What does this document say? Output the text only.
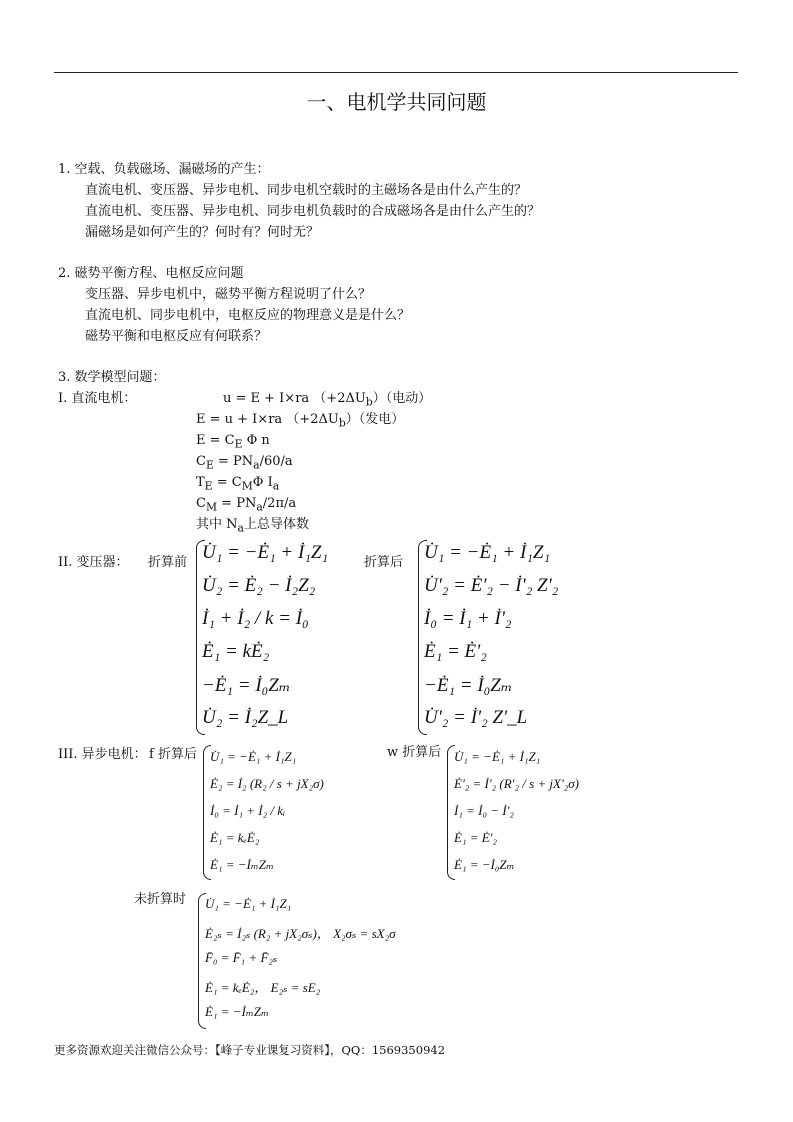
一、电机学共同问题
1. 空载、负载磁场、漏磁场的产生：
直流电机、变压器、异步电机、同步电机空载时的主磁场各是由什么产生的？
直流电机、变压器、异步电机、同步电机负载时的合成磁场各是由什么产生的？
漏磁场是如何产生的？何时有？何时无？
2. 磁势平衡方程、电枢反应问题
变压器、异步电机中，磁势平衡方程说明了什么？
直流电机、同步电机中，电枢反应的物理意义是是什么？
磁势平衡和电枢反应有何联系？
3. 数学模型问题：
I. 直流电机：	u = E + I×ra $(+2\Delta U_b)$（电动）
E = u + I×ra $(+2\Delta U_b)$（发电）
$E = C_E$ Φ n
$C_E = PN_a/60/a$
$T_E = C_M\Phi$ $I_a$
$C_M = PN_a/2\pi/a$
其中 $N_a$上总导体数
II. 变压器： 折算前 U̇₁ = −Ė₁ + İ₁Z₁
U̇₂ = Ė₂ − İ₂Z₂
İ₁ + İ₂ / k = İ₀
Ė₁ = kĖ₂
−Ė₁ = İ₀Zₘ
U̇₂ = İ₂Z_L
折算后 U̇₁ = −Ė₁ + İ₁Z₁
U̇'₂ = Ė'₂ − İ'₂ Z'₂
İ₀ = İ₁ + İ'₂
Ė₁ = Ė'₂
−Ė₁ = İ₀Zₘ
U̇'₂ = İ'₂ Z'_L
III. 异步电机： f 折算后 U̇₁ = −Ė₁ + İ₁Z₁
Ė₂ = İ₂ (R₂ / s + jX₂σ)
İ₀ = İ₁ + İ₂ / kᵢ
Ė₁ = kₑĖ₂
Ė₁ = −İₘZₘ
w 折算后 U̇₁ = −Ė₁ + İ₁Z₁
Ė'₂ = İ'₂ (R'₂ / s + jX'₂σ)
İ₁ = İ₀ − İ'₂
Ė₁ = Ė'₂
Ė₁ = −İ₀Zₘ
未折算时 U̇₁ = −Ė₁ + İ₁Z₁
Ė₂ₛ = İ₂ₛ (R₂ + jX₂σₛ)， X₂σₛ = sX₂σ
F̄₀ = F̄₁ + F̄₂ₛ
Ė₁ = kₑĖ₂， E₂ₛ = sE₂
Ė₁ = −İₘZₘ
更多资源欢迎关注微信公众号：【峰子专业课复习资料】，QQ：1569350942
